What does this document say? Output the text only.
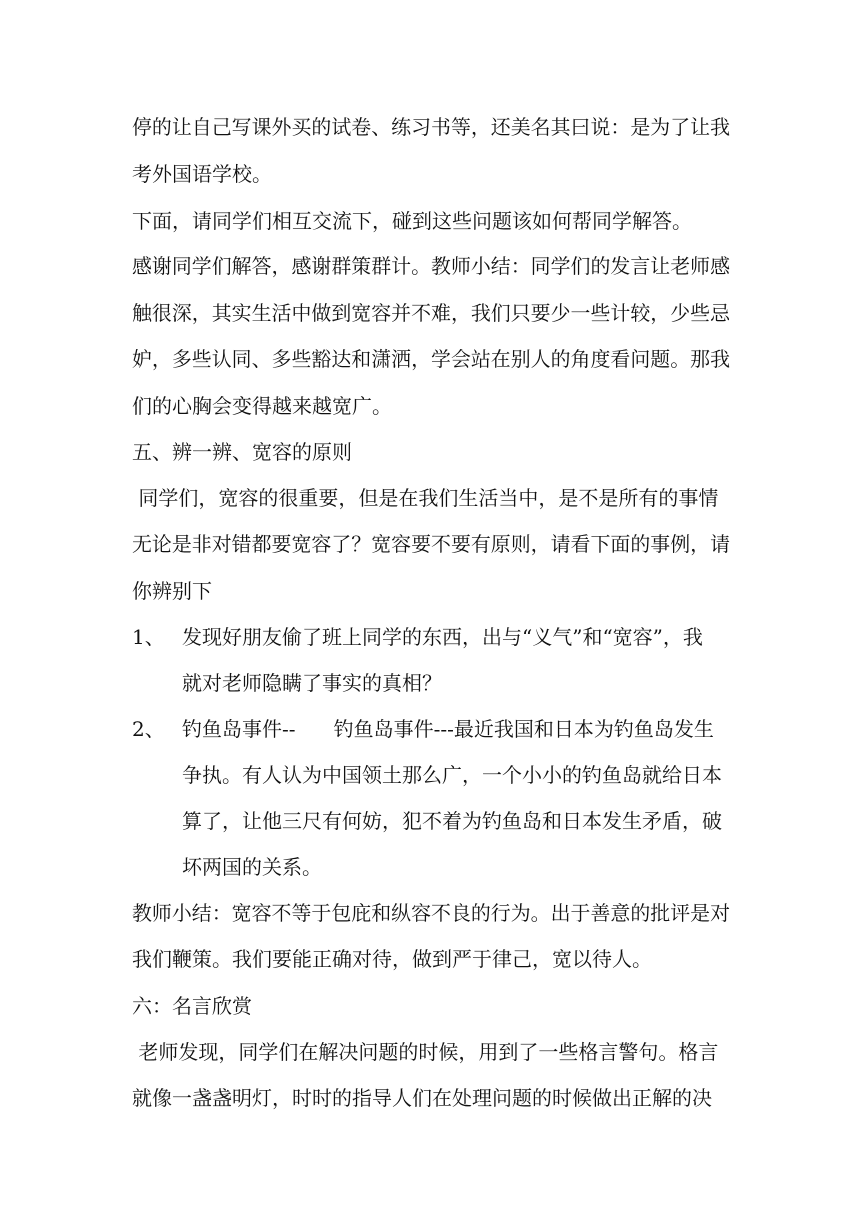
停的让自己写课外买的试卷、练习书等，还美名其曰说：是为了让我
考外国语学校。
下面，请同学们相互交流下，碰到这些问题该如何帮同学解答。
感谢同学们解答，感谢群策群计。教师小结：同学们的发言让老师感
触很深，其实生活中做到宽容并不难，我们只要少一些计较，少些忌
妒，多些认同、多些豁达和潇洒，学会站在别人的角度看问题。那我
们的心胸会变得越来越宽广。
五、辨一辨、宽容的原则
同学们，宽容的很重要，但是在我们生活当中，是不是所有的事情
无论是非对错都要宽容了？宽容要不要有原则，请看下面的事例，请
你辨别下
1、 发现好朋友偷了班上同学的东西，出与“义气”和“宽容”，我
就对老师隐瞒了事实的真相？
2、 钓鱼岛事件--      钓鱼岛事件---最近我国和日本为钓鱼岛发生
争执。有人认为中国领土那么广，一个小小的钓鱼岛就给日本
算了，让他三尺有何妨，犯不着为钓鱼岛和日本发生矛盾，破
坏两国的关系。
教师小结：宽容不等于包庇和纵容不良的行为。出于善意的批评是对
我们鞭策。我们要能正确对待，做到严于律己，宽以待人。
六：名言欣赏
老师发现，同学们在解决问题的时候，用到了一些格言警句。格言
就像一盏盏明灯，时时的指导人们在处理问题的时候做出正解的决
